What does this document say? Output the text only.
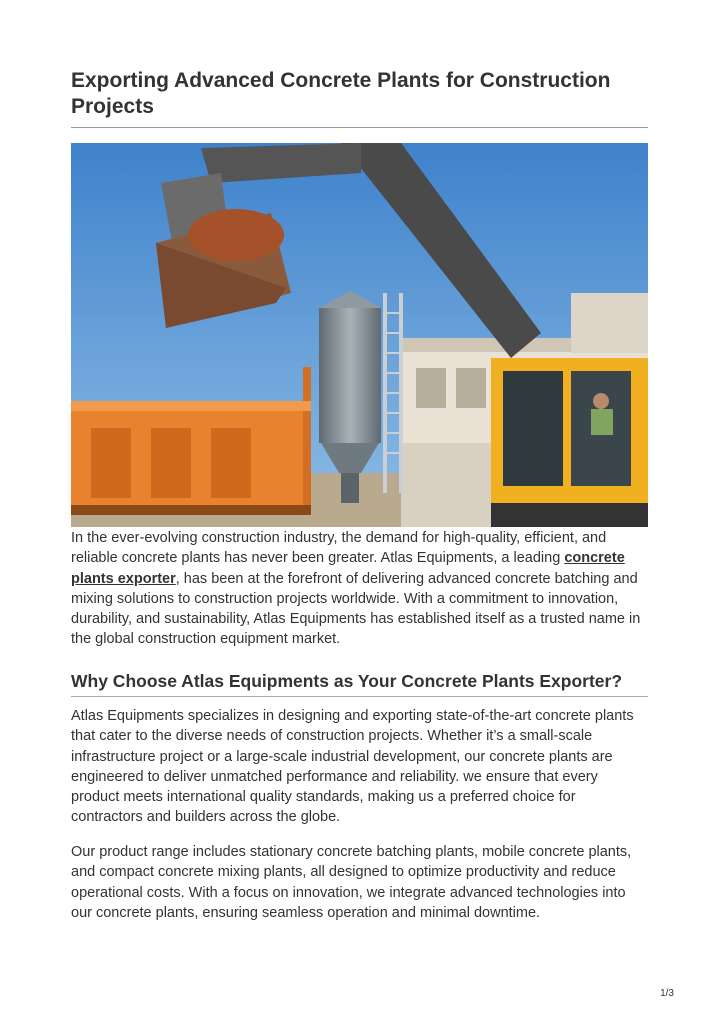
Exporting Advanced Concrete Plants for Construction Projects

In the ever-evolving construction industry, the demand for high-quality, efficient, and reliable concrete plants has never been greater. Atlas Equipments, a leading concrete plants exporter, has been at the forefront of delivering advanced concrete batching and mixing solutions to construction projects worldwide. With a commitment to innovation, durability, and sustainability, Atlas Equipments has established itself as a trusted name in the global construction equipment market.

Why Choose Atlas Equipments as Your Concrete Plants Exporter?

Atlas Equipments specializes in designing and exporting state-of-the-art concrete plants that cater to the diverse needs of construction projects. Whether it’s a small-scale infrastructure project or a large-scale industrial development, our concrete plants are engineered to deliver unmatched performance and reliability. we ensure that every product meets international quality standards, making us a preferred choice for contractors and builders across the globe.

Our product range includes stationary concrete batching plants, mobile concrete plants, and compact concrete mixing plants, all designed to optimize productivity and reduce operational costs. With a focus on innovation, we integrate advanced technologies into our concrete plants, ensuring seamless operation and minimal downtime.

1/3
